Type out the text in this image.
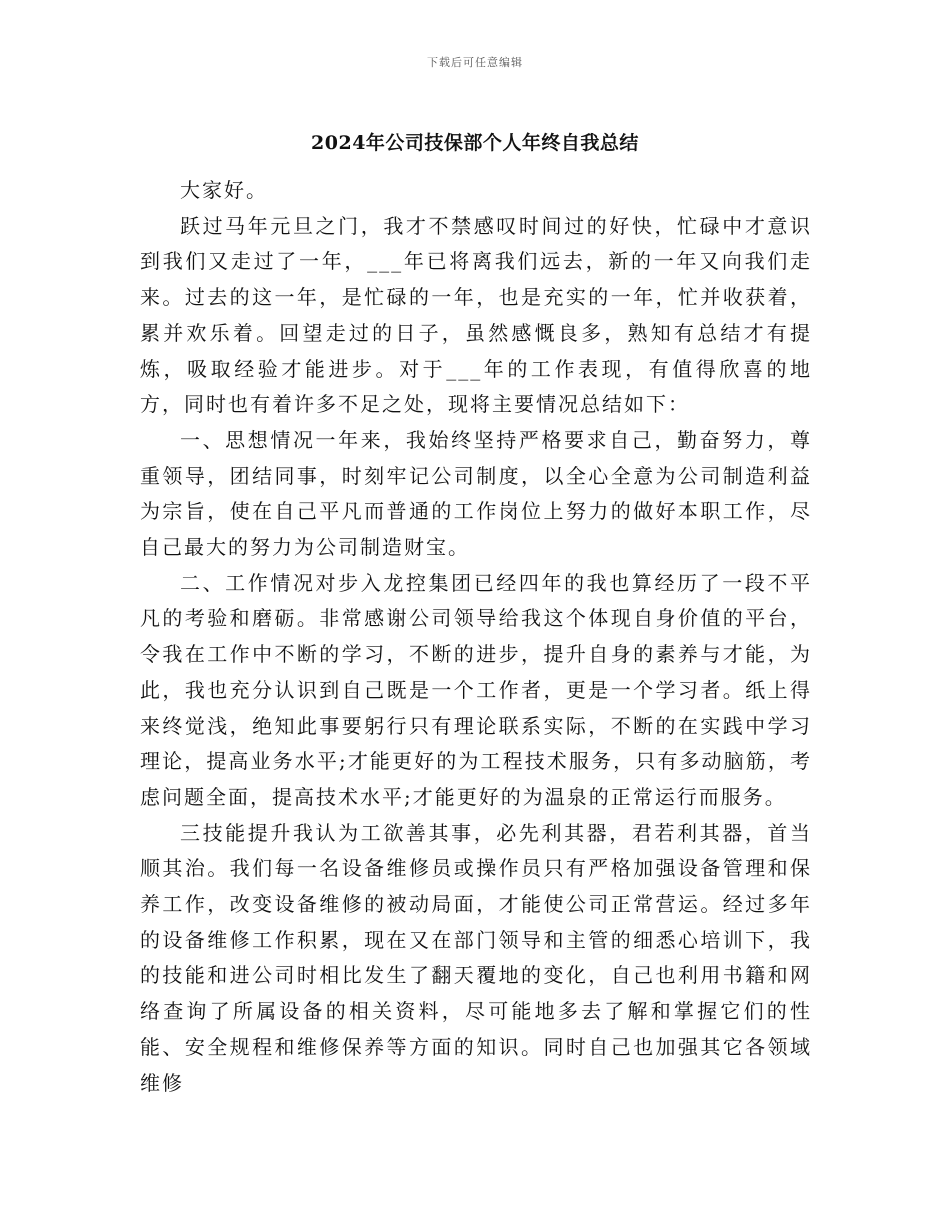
下载后可任意编辑
2024年公司技保部个人年终自我总结

大家好。

跃过马年元旦之门，我才不禁感叹时间过的好快，忙碌中才意识到我们又走过了一年，___年已将离我们远去，新的一年又向我们走来。过去的这一年，是忙碌的一年，也是充实的一年，忙并收获着，累并欢乐着。回望走过的日子，虽然感慨良多，熟知有总结才有提炼，吸取经验才能进步。对于___年的工作表现，有值得欣喜的地方，同时也有着许多不足之处，现将主要情况总结如下：

一、思想情况一年来，我始终坚持严格要求自己，勤奋努力，尊重领导，团结同事，时刻牢记公司制度，以全心全意为公司制造利益为宗旨，使在自己平凡而普通的工作岗位上努力的做好本职工作，尽自己最大的努力为公司制造财宝。

二、工作情况对步入龙控集团已经四年的我也算经历了一段不平凡的考验和磨砺。非常感谢公司领导给我这个体现自身价值的平台，令我在工作中不断的学习，不断的进步，提升自身的素养与才能，为此，我也充分认识到自己既是一个工作者，更是一个学习者。纸上得来终觉浅，绝知此事要躬行只有理论联系实际，不断的在实践中学习理论，提高业务水平;才能更好的为工程技术服务，只有多动脑筋，考虑问题全面，提高技术水平;才能更好的为温泉的正常运行而服务。

三技能提升我认为工欲善其事，必先利其器，君若利其器，首当顺其治。我们每一名设备维修员或操作员只有严格加强设备管理和保养工作，改变设备维修的被动局面，才能使公司正常营运。经过多年的设备维修工作积累，现在又在部门领导和主管的细悉心培训下，我的技能和进公司时相比发生了翻天覆地的变化，自己也利用书籍和网络查询了所属设备的相关资料，尽可能地多去了解和掌握它们的性能、安全规程和维修保养等方面的知识。同时自己也加强其它各领域维修
